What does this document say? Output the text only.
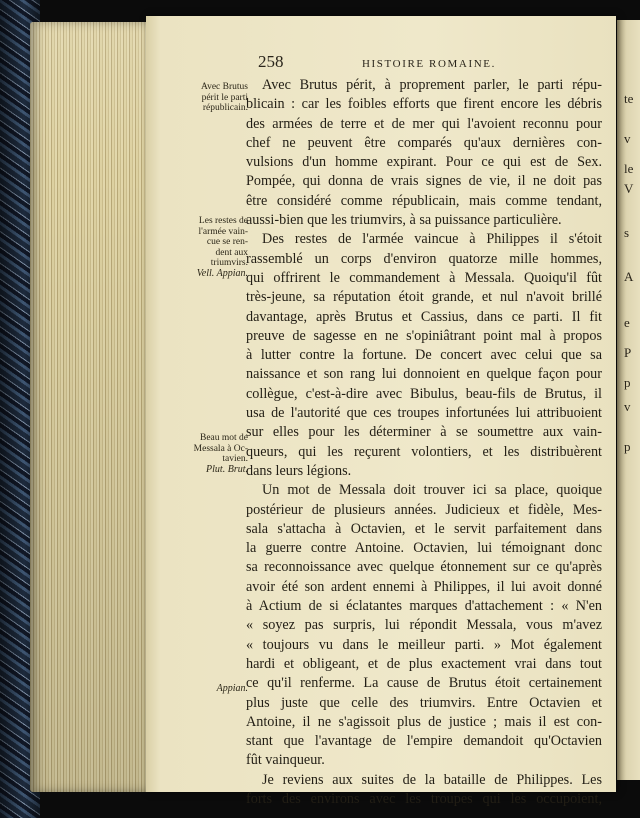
te
v
le
V
s
A
e
P
p
v
p
258	HISTOIRE ROMAINE.
Avec Brutus
périt le parti
républicain.
Les restes de
l'armée vain-
cue se ren-
dent aux
triumvirs.
Vell. Appian.
Beau mot de
Messala à Oc-
tavien.
Plut. Brut.
Appian.
Avec Brutus périt, à proprement parler, le parti répu-
blicain : car les foibles efforts que firent encore les débris
des armées de terre et de mer qui l'avoient reconnu pour
chef ne peuvent être comparés qu'aux dernières con-
vulsions d'un homme expirant. Pour ce qui est de Sex.
Pompée, qui donna de vrais signes de vie, il ne doit pas
être considéré comme républicain, mais comme tendant,
aussi-bien que les triumvirs, à sa puissance particulière.
Des restes de l'armée vaincue à Philippes il s'étoit
rassemblé un corps d'environ quatorze mille hommes,
qui offrirent le commandement à Messala. Quoiqu'il fût
très-jeune, sa réputation étoit grande, et nul n'avoit brillé
davantage, après Brutus et Cassius, dans ce parti. Il fit
preuve de sagesse en ne s'opiniâtrant point mal à propos
à lutter contre la fortune. De concert avec celui que sa
naissance et son rang lui donnoient en quelque façon pour
collègue, c'est-à-dire avec Bibulus, beau-fils de Brutus, il
usa de l'autorité que ces troupes infortunées lui attribuoient
sur elles pour les déterminer à se soumettre aux vain-
queurs, qui les reçurent volontiers, et les distribuèrent
dans leurs légions.
Un mot de Messala doit trouver ici sa place, quoique
postérieur de plusieurs années. Judicieux et fidèle, Mes-
sala s'attacha à Octavien, et le servit parfaitement dans
la guerre contre Antoine. Octavien, lui témoignant donc
sa reconnoissance avec quelque étonnement sur ce qu'après
avoir été son ardent ennemi à Philippes, il lui avoit donné
à Actium de si éclatantes marques d'attachement : « N'en
« soyez pas surpris, lui répondit Messala, vous m'avez
« toujours vu dans le meilleur parti. » Mot également
hardi et obligeant, et de plus exactement vrai dans tout
ce qu'il renferme. La cause de Brutus étoit certainement
plus juste que celle des triumvirs. Entre Octavien et
Antoine, il ne s'agissoit plus de justice ; mais il est con-
stant que l'avantage de l'empire demandoit qu'Octavien
fût vainqueur.
Je reviens aux suites de la bataille de Philippes. Les
forts des environs avec les troupes qui les occupoient,
